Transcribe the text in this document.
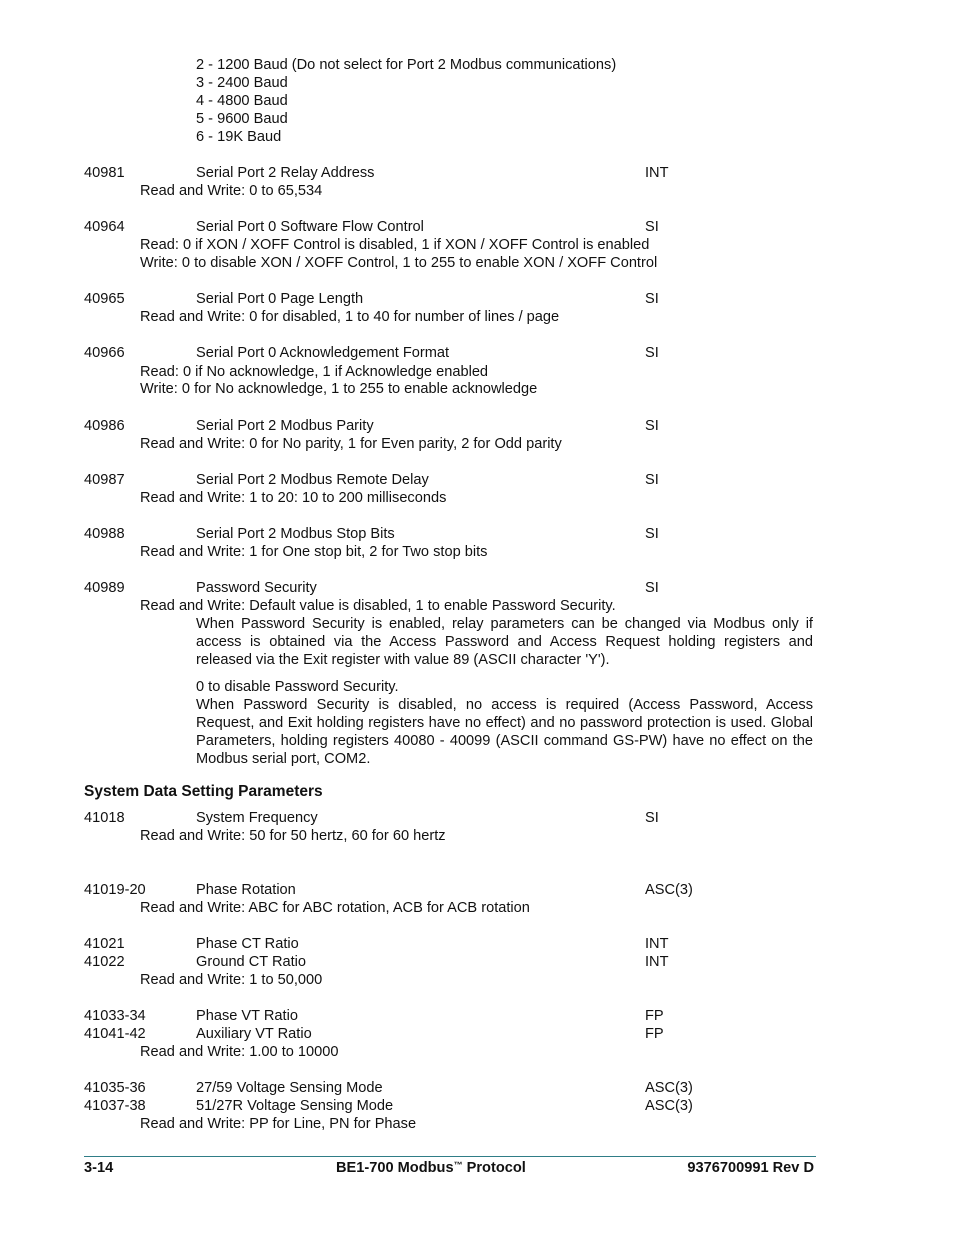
2 - 1200 Baud (Do not select for Port 2 Modbus communications)
3 - 2400 Baud
4 - 4800 Baud
5 - 9600 Baud
6 - 19K Baud
40981	Serial Port 2 Relay Address	INT
Read and Write: 0 to 65,534
40964	Serial Port 0 Software Flow Control	SI
Read: 0 if XON / XOFF Control is disabled, 1 if XON / XOFF Control is enabled
Write: 0 to disable XON / XOFF Control, 1 to 255 to enable XON / XOFF Control
40965	Serial Port 0 Page Length	SI
Read and Write: 0 for disabled, 1 to 40 for number of lines / page
40966	Serial Port 0 Acknowledgement Format	SI
Read: 0 if No acknowledge, 1 if Acknowledge enabled
Write: 0 for No acknowledge, 1 to 255 to enable acknowledge
40986	Serial Port 2 Modbus Parity	SI
Read and Write: 0 for No parity, 1 for Even parity, 2 for Odd parity
40987	Serial Port 2 Modbus Remote Delay	SI
Read and Write: 1 to 20: 10 to 200 milliseconds
40988	Serial Port 2 Modbus Stop Bits	SI
Read and Write: 1 for One stop bit, 2 for Two stop bits
40989	Password Security	SI
Read and Write: Default value is disabled, 1 to enable Password Security.
When Password Security is enabled, relay parameters can be changed via Modbus only if access is obtained via the Access Password and Access Request holding registers and released via the Exit register with value 89 (ASCII character 'Y').
0 to disable Password Security.
When Password Security is disabled, no access is required (Access Password, Access Request, and Exit holding registers have no effect) and no password protection is used. Global Parameters, holding registers 40080 - 40099 (ASCII command GS-PW) have no effect on the Modbus serial port, COM2.
System Data Setting Parameters
41018	System Frequency	SI
Read and Write: 50 for 50 hertz, 60 for 60 hertz
41019-20	Phase Rotation	ASC(3)
Read and Write: ABC for ABC rotation, ACB for ACB rotation
41021	Phase CT Ratio	INT
41022	Ground CT Ratio	INT
Read and Write: 1 to 50,000
41033-34	Phase VT Ratio	FP
41041-42	Auxiliary VT Ratio	FP
Read and Write: 1.00 to 10000
41035-36	27/59 Voltage Sensing Mode	ASC(3)
41037-38	51/27R Voltage Sensing Mode	ASC(3)
Read and Write: PP for Line, PN for Phase
3-14	BE1-700 Modbus™ Protocol	9376700991 Rev D
